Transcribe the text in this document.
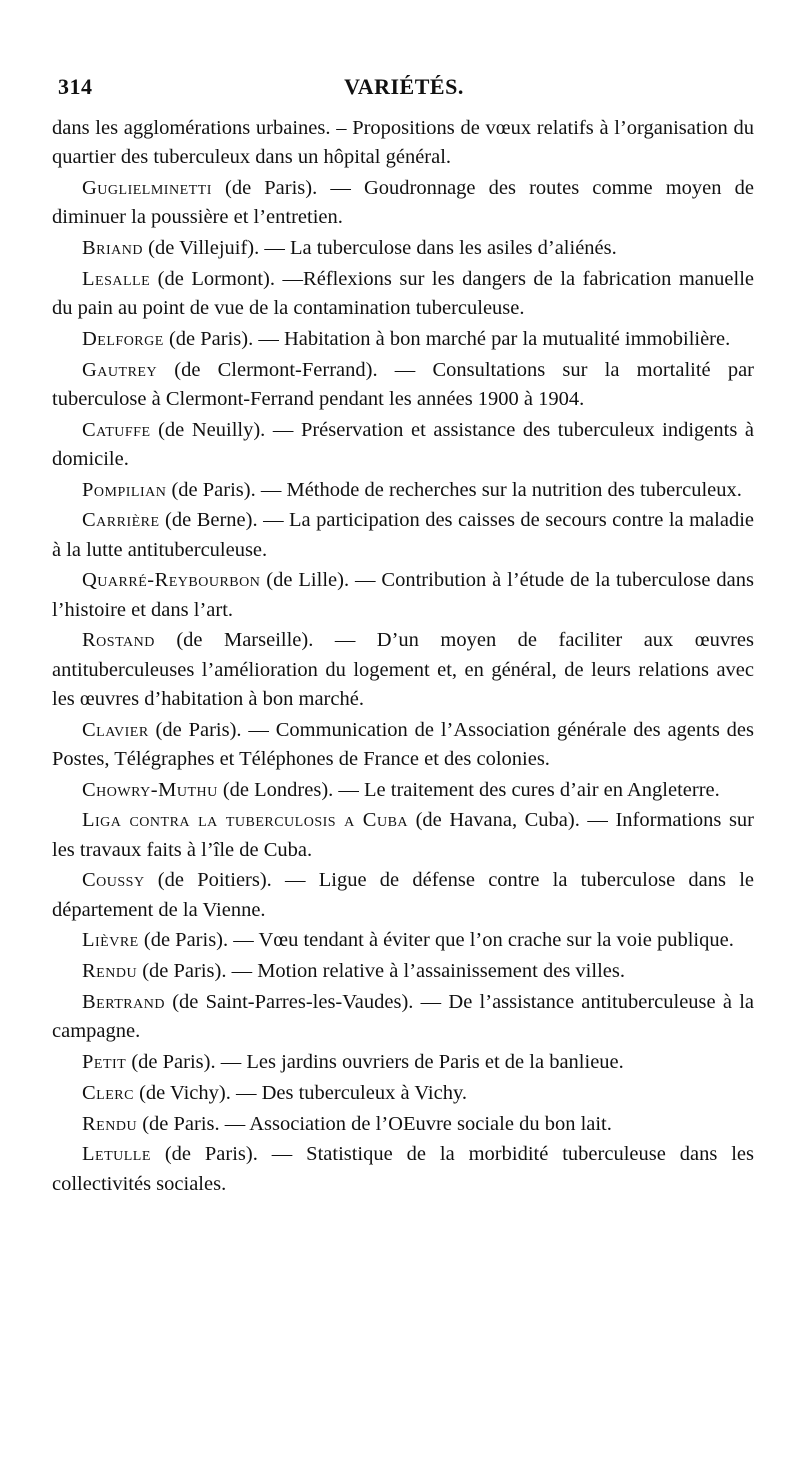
314	VARIÉTÉS.

dans les agglomérations urbaines. – Propositions de vœux relatifs à l’organisation du quartier des tuberculeux dans un hôpital général.

Guglielminetti (de Paris). — Goudronnage des routes comme moyen de diminuer la poussière et l’entretien.

Briand (de Villejuif). — La tuberculose dans les asiles d’aliénés.

Lesalle (de Lormont). —Réflexions sur les dangers de la fabrication manuelle du pain au point de vue de la contamination tuberculeuse.

Delforge (de Paris). — Habitation à bon marché par la mutualité immobilière.

Gautrey (de Clermont-Ferrand). — Consultations sur la mortalité par tuberculose à Clermont-Ferrand pendant les années 1900 à 1904.

Catuffe (de Neuilly). — Préservation et assistance des tuberculeux indigents à domicile.

Pompilian (de Paris). — Méthode de recherches sur la nutrition des tuberculeux.

Carrière (de Berne). — La participation des caisses de secours contre la maladie à la lutte antituberculeuse.

Quarré-Reybourbon (de Lille). — Contribution à l’étude de la tuberculose dans l’histoire et dans l’art.

Rostand (de Marseille). — D’un moyen de faciliter aux œuvres antituberculeuses l’amélioration du logement et, en général, de leurs relations avec les œuvres d’habitation à bon marché.

Clavier (de Paris). — Communication de l’Association générale des agents des Postes, Télégraphes et Téléphones de France et des colonies.

Chowry-Muthu (de Londres). — Le traitement des cures d’air en Angleterre.

Liga contra la tuberculosis a Cuba (de Havana, Cuba). — Informations sur les travaux faits à l’île de Cuba.

Coussy (de Poitiers). — Ligue de défense contre la tuberculose dans le département de la Vienne.

Lièvre (de Paris). — Vœu tendant à éviter que l’on crache sur la voie publique.

Rendu (de Paris). — Motion relative à l’assainissement des villes.

Bertrand (de Saint-Parres-les-Vaudes). — De l’assistance antituberculeuse à la campagne.

Petit (de Paris). — Les jardins ouvriers de Paris et de la banlieue.

Clerc (de Vichy). — Des tuberculeux à Vichy.

Rendu (de Paris. — Association de l’OEuvre sociale du bon lait.

Letulle (de Paris). — Statistique de la morbidité tuberculeuse dans les collectivités sociales.
